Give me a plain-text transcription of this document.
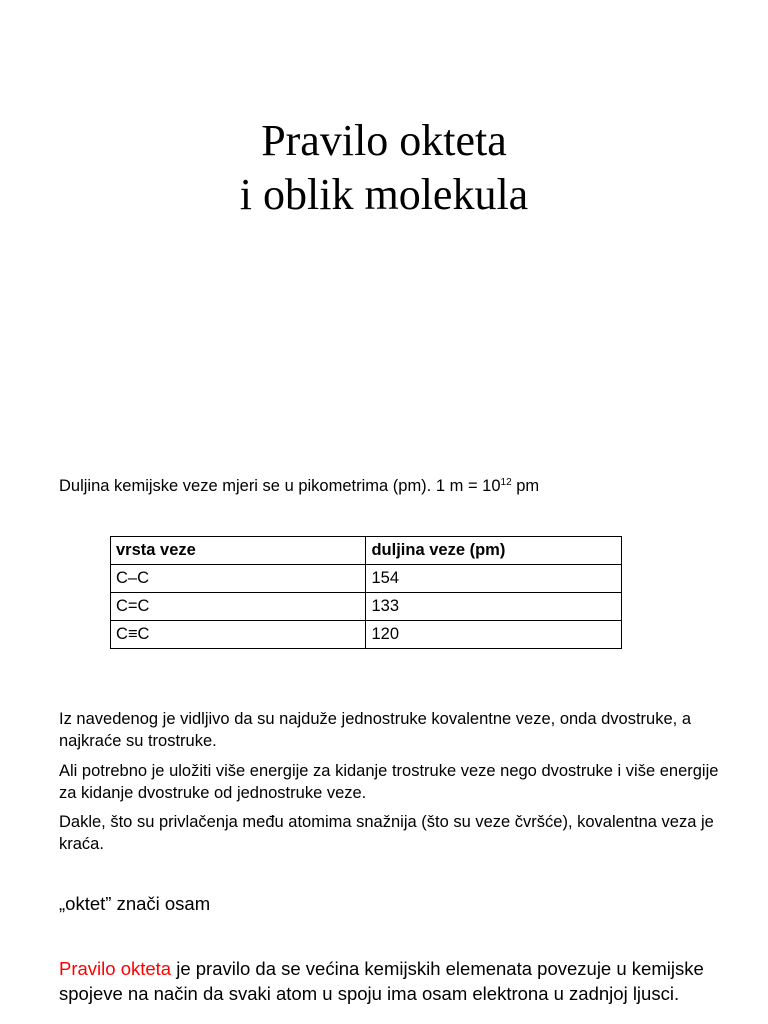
Pravilo okteta
i oblik molekula
Duljina kemijske veze mjeri se u pikometrima (pm). 1 $m = 10^{12}$ pm
vrsta veze	duljina veze (pm)
C–C	154
C=C	133
C≡C	120
Iz navedenog je vidljivo da su najduže jednostruke kovalentne veze, onda dvostruke, a najkraće su trostruke.
Ali potrebno je uložiti više energije za kidanje trostruke veze nego dvostruke i više energije za kidanje dvostruke od jednostruke veze.
Dakle, što su privlačenja među atomima snažnija (što su veze čvršće), kovalentna veza je kraća.
„oktet” znači osam
Pravilo okteta je pravilo da se većina kemijskih elemenata povezuje u kemijske spojeve na način da svaki atom u spoju ima osam elektrona u zadnjoj ljusci.
